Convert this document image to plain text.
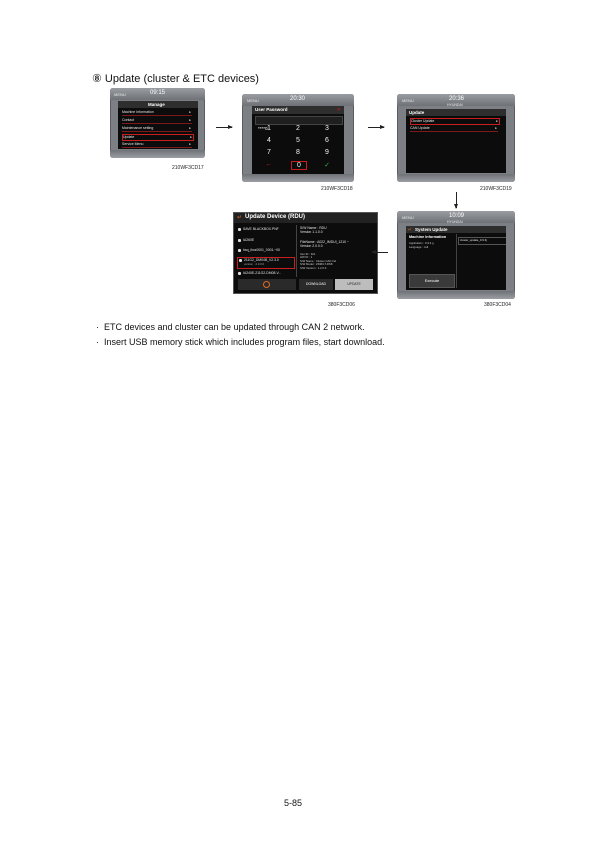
⑧ Update (cluster & ETC devices)
MENU	09:15
Manage
Machine Information	▸
Contact	▸
Maintenance setting	▸
Update	▸
Service Menu	▸
210WF3CD17
MENU	20:30
User Password	✕
****0 1	2	3
4	5	6
7	8	9
←	0	✓
210WF3CD18
MENU	20:36
HYUNDAI
Update
Cluster Update	▸
CAN Update	▸
210WF3CD19
↵ Update Device (RDU)
SAVE BLACKBOX.PNF
IA260E
hsq_ihxz0001_0001.~00
211G2_DM04B_V2.3.0
version · 2.3.0.0
IA240E-211G2-DM08-V...
S/W Name : RDU
Version 1.1.0.0
FileName : A022_IMDUI_1210 ~
Version 2.0.0.0
Ven ID : 321
HW ID : 1
S/W Name : Cluster CAN Ind
S/W Model : ZDM3-T-DS8
S/W Version : 1.2.0.0
DOWNLOAD	UPDATE
380F3CD06
MENU	10:09
HYUNDAI
↵ System Update
Machine Information
Application : 0.9.3.g
Language : null
cluster_update_0.9.3j
Execute
380F3CD04
·  ETC devices and cluster can be updated through CAN 2 network.
·  Insert USB memory stick which includes program files, start download.
5-85
